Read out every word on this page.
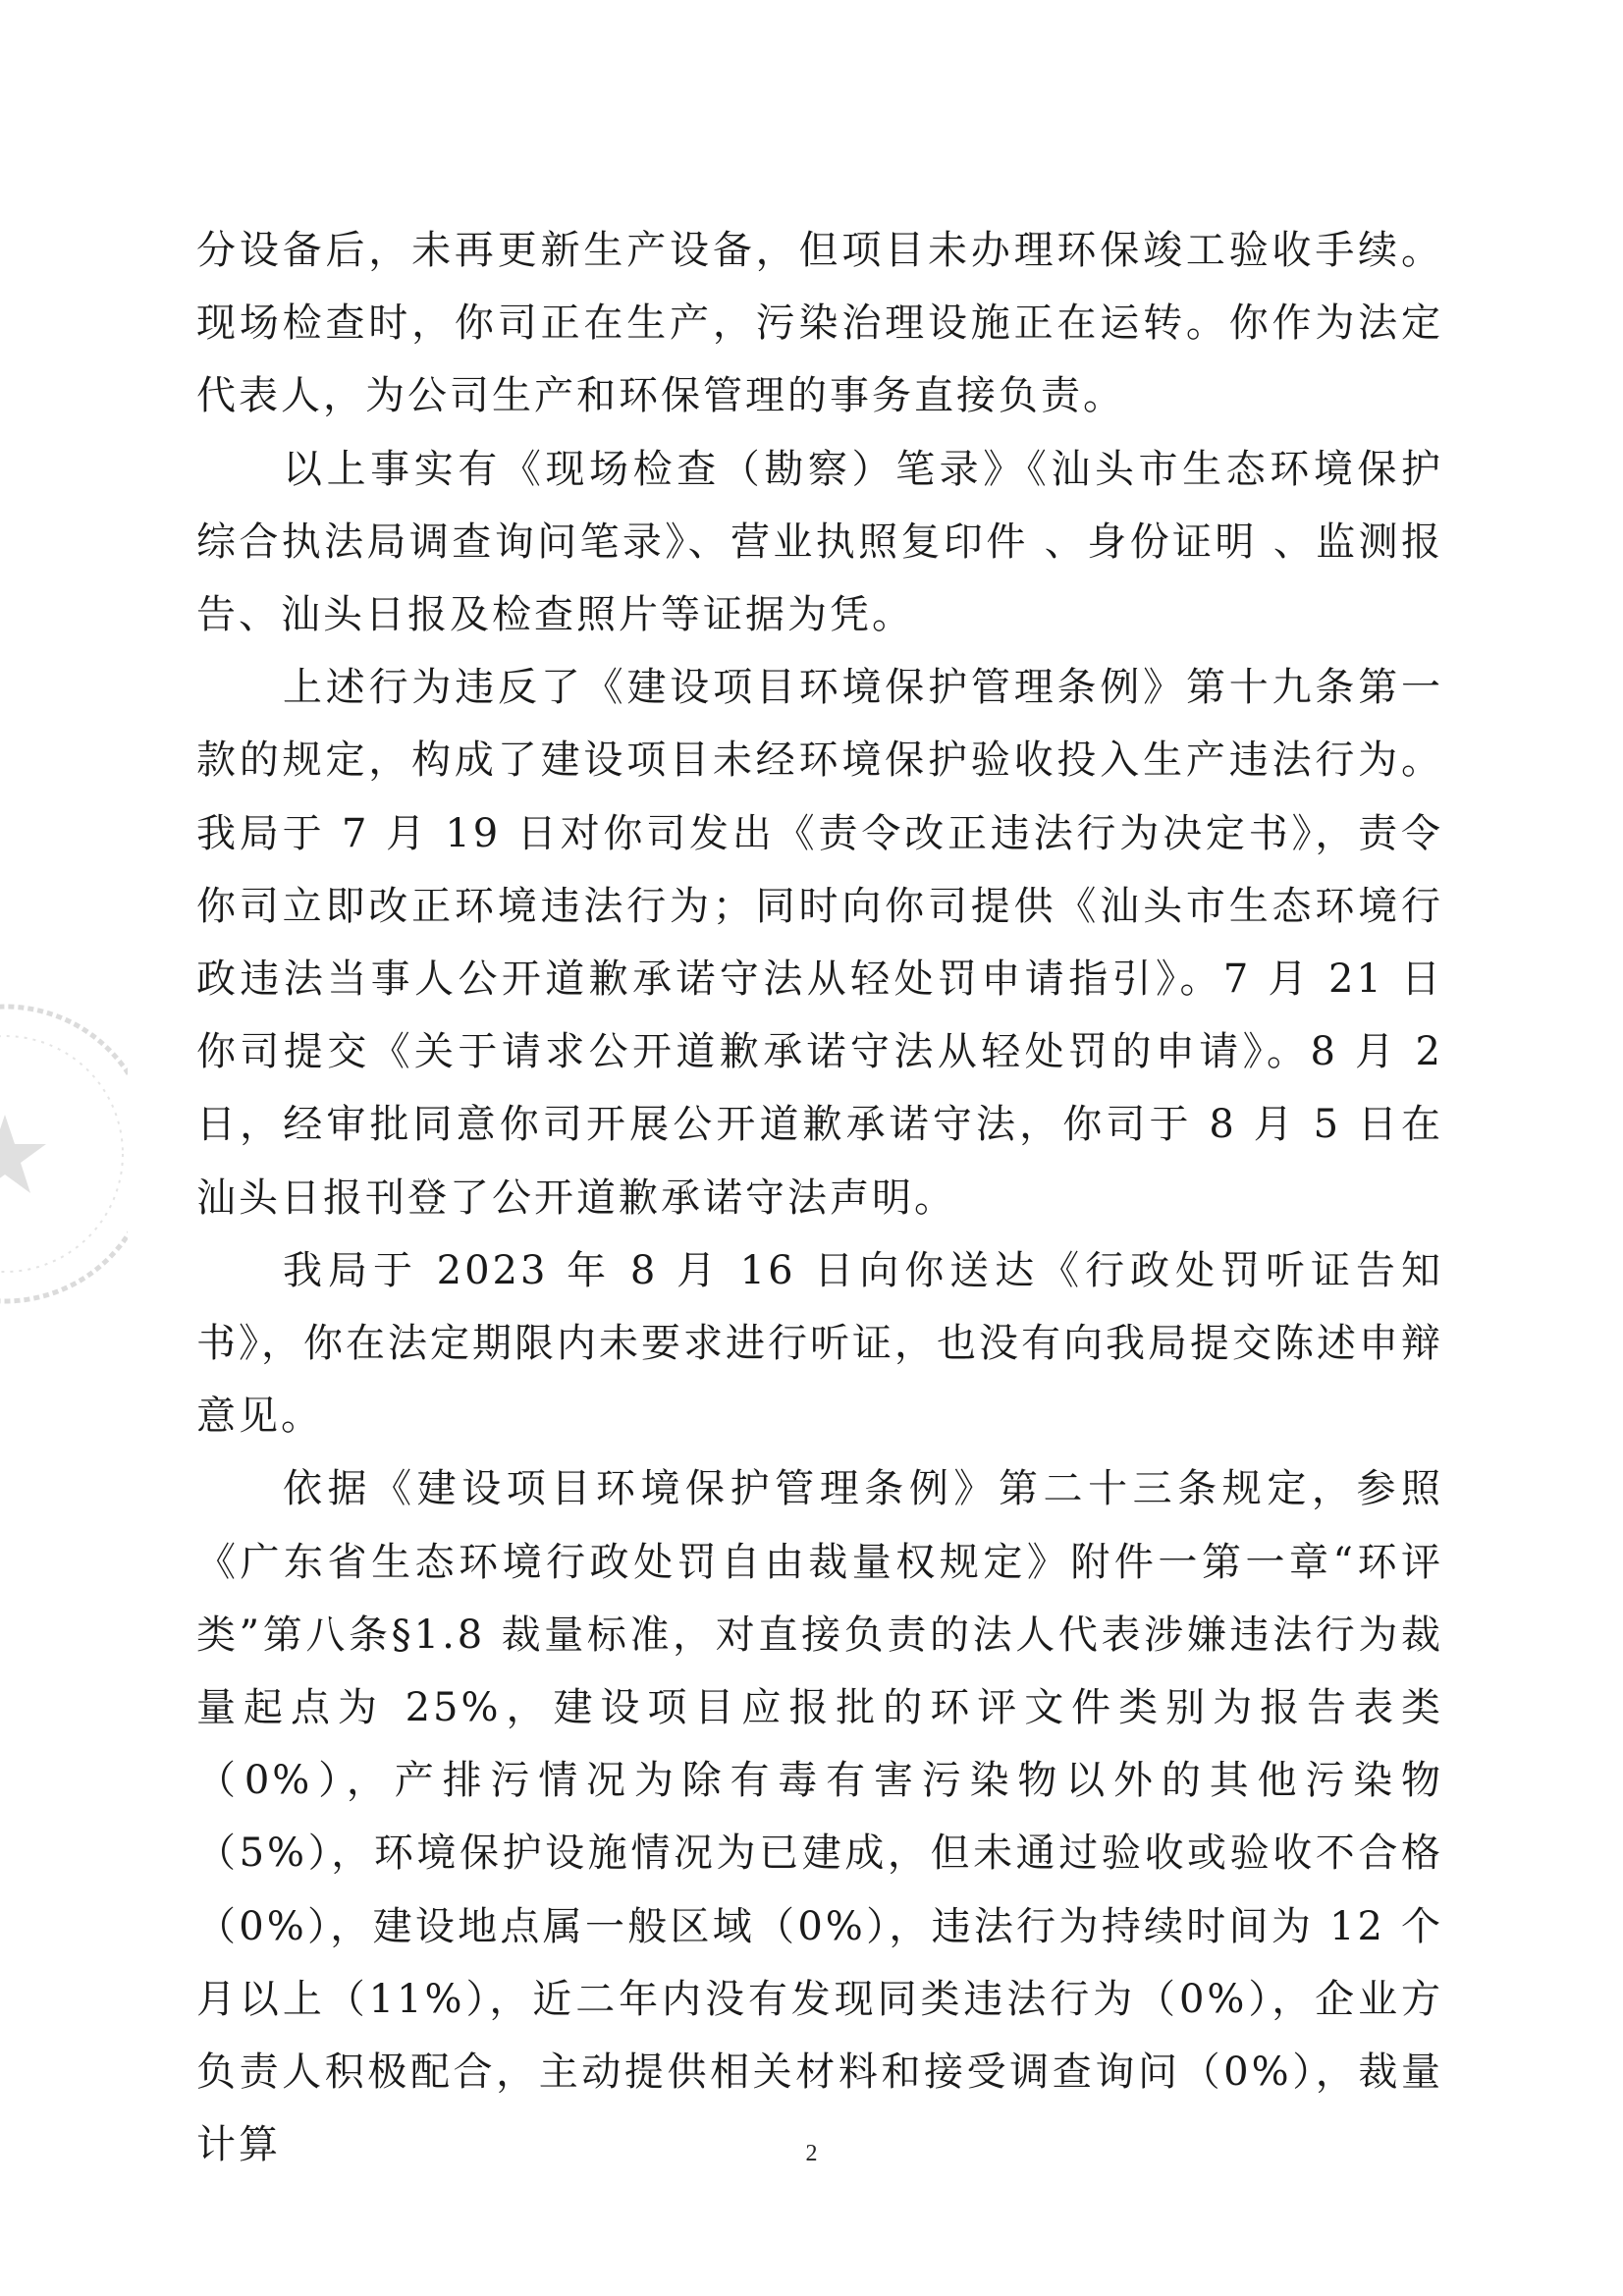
分设备后，未再更新生产设备，但项目未办理环保竣工验收手续。现场检查时，你司正在生产，污染治理设施正在运转。你作为法定代表人，为公司生产和环保管理的事务直接负责。

以上事实有《现场检查（勘察）笔录》《汕头市生态环境保护综合执法局调查询问笔录》、营业执照复印件 、身份证明 、监测报告、汕头日报及检查照片等证据为凭。

上述行为违反了《建设项目环境保护管理条例》第十九条第一款的规定，构成了建设项目未经环境保护验收投入生产违法行为。我局于 7 月 19 日对你司发出《责令改正违法行为决定书》，责令你司立即改正环境违法行为；同时向你司提供《汕头市生态环境行政违法当事人公开道歉承诺守法从轻处罚申请指引》。7 月 21 日你司提交《关于请求公开道歉承诺守法从轻处罚的申请》。8 月 2 日，经审批同意你司开展公开道歉承诺守法，你司于 8 月 5 日在汕头日报刊登了公开道歉承诺守法声明。

我局于 2023 年 8 月 16 日向你送达《行政处罚听证告知书》，你在法定期限内未要求进行听证，也没有向我局提交陈述申辩意见。

依据《建设项目环境保护管理条例》第二十三条规定，参照《广东省生态环境行政处罚自由裁量权规定》附件一第一章“环评类”第八条§1.8 裁量标准，对直接负责的法人代表涉嫌违法行为裁量起点为 25%，建设项目应报批的环评文件类别为报告表类（0%），产排污情况为除有毒有害污染物以外的其他污染物（5%），环境保护设施情况为已建成，但未通过验收或验收不合格（0%），建设地点属一般区域（0%），违法行为持续时间为 12 个月以上（11%），近二年内没有发现同类违法行为（0%），企业方负责人积极配合，主动提供相关材料和接受调查询问（0%），裁量计算	2
